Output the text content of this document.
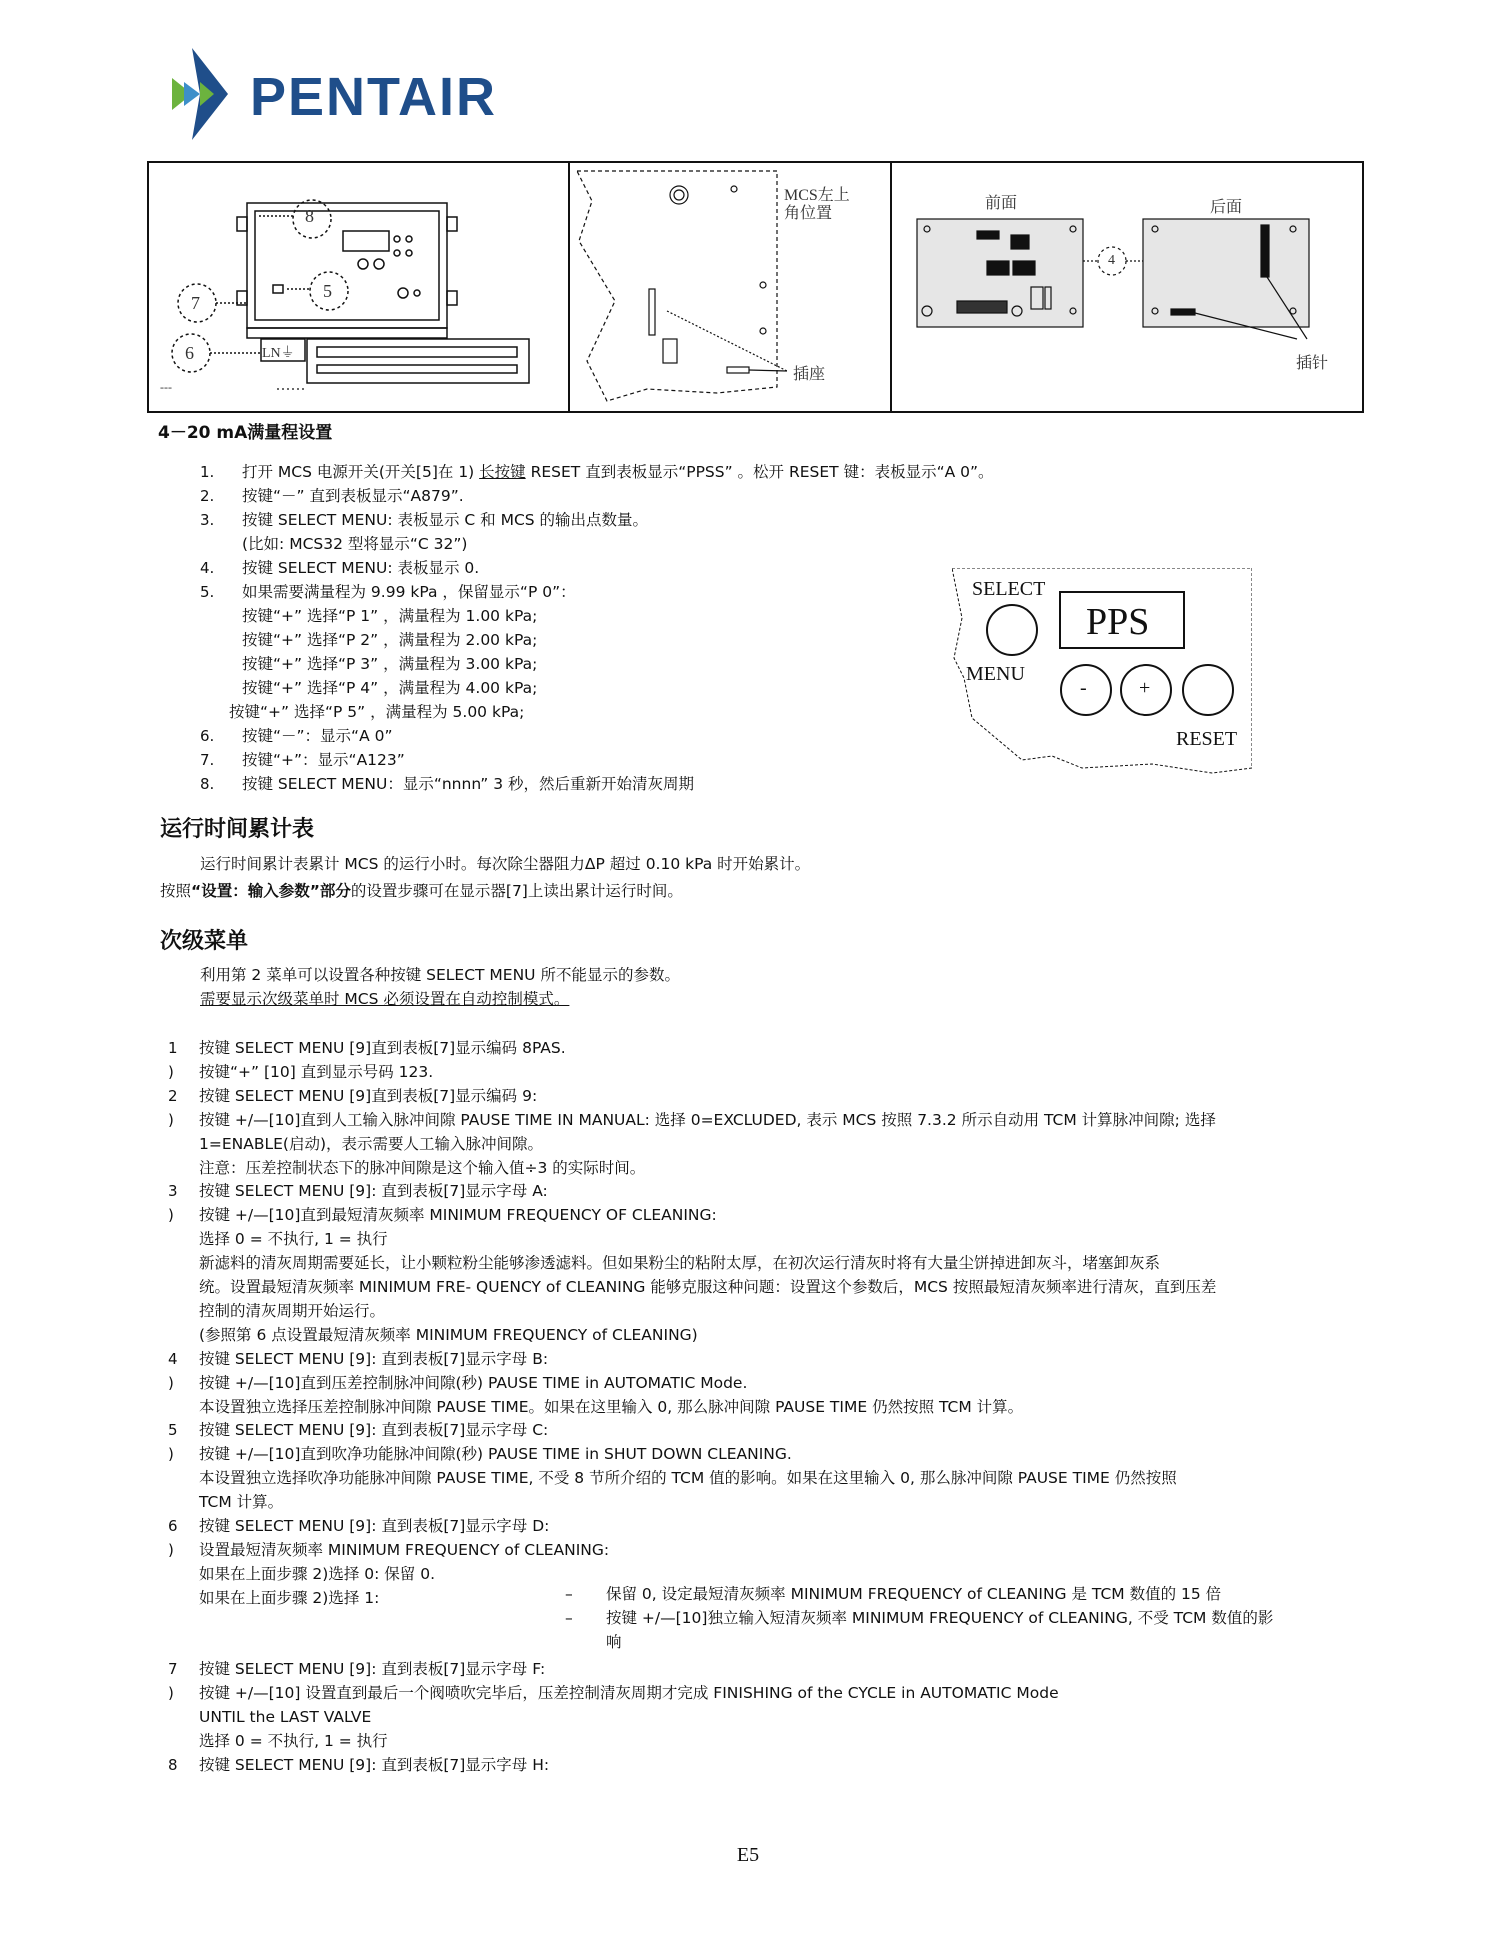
PENTAIR
8
5
7
6	LN⏚
---
MCS左上
角位置
插座
前面	后面
4
插针
4－20 mA满量程设置
1. 打开 MCS 电源开关(开关[5]在 1) 长按键 RESET 直到表板显示“PPSS” 。松开 RESET 键：表板显示“A 0”。
2. 按键“－” 直到表板显示“A879”.
3. 按键 SELECT MENU: 表板显示 C 和 MCS 的输出点数量。
(比如: MCS32 型将显示“C 32”)
4. 按键 SELECT MENU: 表板显示 0.
5. 如果需要满量程为 9.99 kPa ，保留显示“P 0”：
按键“+” 选择“P 1” ，满量程为 1.00 kPa;
按键“+” 选择“P 2” ，满量程为 2.00 kPa;
按键“+” 选择“P 3” ，满量程为 3.00 kPa;
按键“+” 选择“P 4” ，满量程为 4.00 kPa;
按键“+” 选择“P 5” ，满量程为 5.00 kPa;
6. 按键“－”：显示“A 0”
7. 按键“+”：显示“A123”
8. 按键 SELECT MENU：显示“nnnn” 3 秒，然后重新开始清灰周期
SELECT
MENU
PPS
-	+
RESET
运行时间累计表
运行时间累计表累计 MCS 的运行小时。每次除尘器阻力ΔP 超过 0.10 kPa 时开始累计。
按照“设置：输入参数”部分的设置步骤可在显示器[7]上读出累计运行时间。
次级菜单
利用第 2 菜单可以设置各种按键 SELECT MENU 所不能显示的参数。
需要显示次级菜单时 MCS 必须设置在自动控制模式。
1 按键 SELECT MENU [9]直到表板[7]显示编码 8PAS.
) 按键“+” [10] 直到显示号码 123.
2 按键 SELECT MENU [9]直到表板[7]显示编码 9:
) 按键 +/—[10]直到人工输入脉冲间隙 PAUSE TIME IN MANUAL: 选择 0=EXCLUDED, 表示 MCS 按照 7.3.2 所示自动用 TCM 计算脉冲间隙; 选择
1=ENABLE(启动)，表示需要人工输入脉冲间隙。
注意：压差控制状态下的脉冲间隙是这个输入值÷3 的实际时间。
3 按键 SELECT MENU [9]: 直到表板[7]显示字母 A:
) 按键 +/—[10]直到最短清灰频率 MINIMUM FREQUENCY OF CLEANING:
选择 0 = 不执行, 1 = 执行
新滤料的清灰周期需要延长，让小颗粒粉尘能够渗透滤料。但如果粉尘的粘附太厚，在初次运行清灰时将有大量尘饼掉进卸灰斗，堵塞卸灰系
统。设置最短清灰频率 MINIMUM FRE- QUENCY of CLEANING 能够克服这种问题：设置这个参数后，MCS 按照最短清灰频率进行清灰，直到压差
控制的清灰周期开始运行。
(参照第 6 点设置最短清灰频率 MINIMUM FREQUENCY of CLEANING)
4 按键 SELECT MENU [9]: 直到表板[7]显示字母 B:
) 按键 +/—[10]直到压差控制脉冲间隙(秒) PAUSE TIME in AUTOMATIC Mode.
本设置独立选择压差控制脉冲间隙 PAUSE TIME。如果在这里输入 0, 那么脉冲间隙 PAUSE TIME 仍然按照 TCM 计算。
5 按键 SELECT MENU [9]: 直到表板[7]显示字母 C:
) 按键 +/—[10]直到吹净功能脉冲间隙(秒) PAUSE TIME in SHUT DOWN CLEANING.
本设置独立选择吹净功能脉冲间隙 PAUSE TIME, 不受 8 节所介绍的 TCM 值的影响。如果在这里输入 0, 那么脉冲间隙 PAUSE TIME 仍然按照
TCM 计算。
6 按键 SELECT MENU [9]: 直到表板[7]显示字母 D:
) 设置最短清灰频率 MINIMUM FREQUENCY of CLEANING:
如果在上面步骤 2)选择 0: 保留 0.
如果在上面步骤 2)选择 1:
7 按键 SELECT MENU [9]: 直到表板[7]显示字母 F:
) 按键 +/—[10] 设置直到最后一个阀喷吹完毕后，压差控制清灰周期才完成 FINISHING of the CYCLE in AUTOMATIC Mode
UNTIL the LAST VALVE
选择 0 = 不执行, 1 = 执行
8 按键 SELECT MENU [9]: 直到表板[7]显示字母 H:
– 保留 0, 设定最短清灰频率 MINIMUM FREQUENCY of CLEANING 是 TCM 数值的 15 倍
– 按键 +/—[10]独立输入短清灰频率 MINIMUM FREQUENCY of CLEANING, 不受 TCM 数值的影
响
E5
